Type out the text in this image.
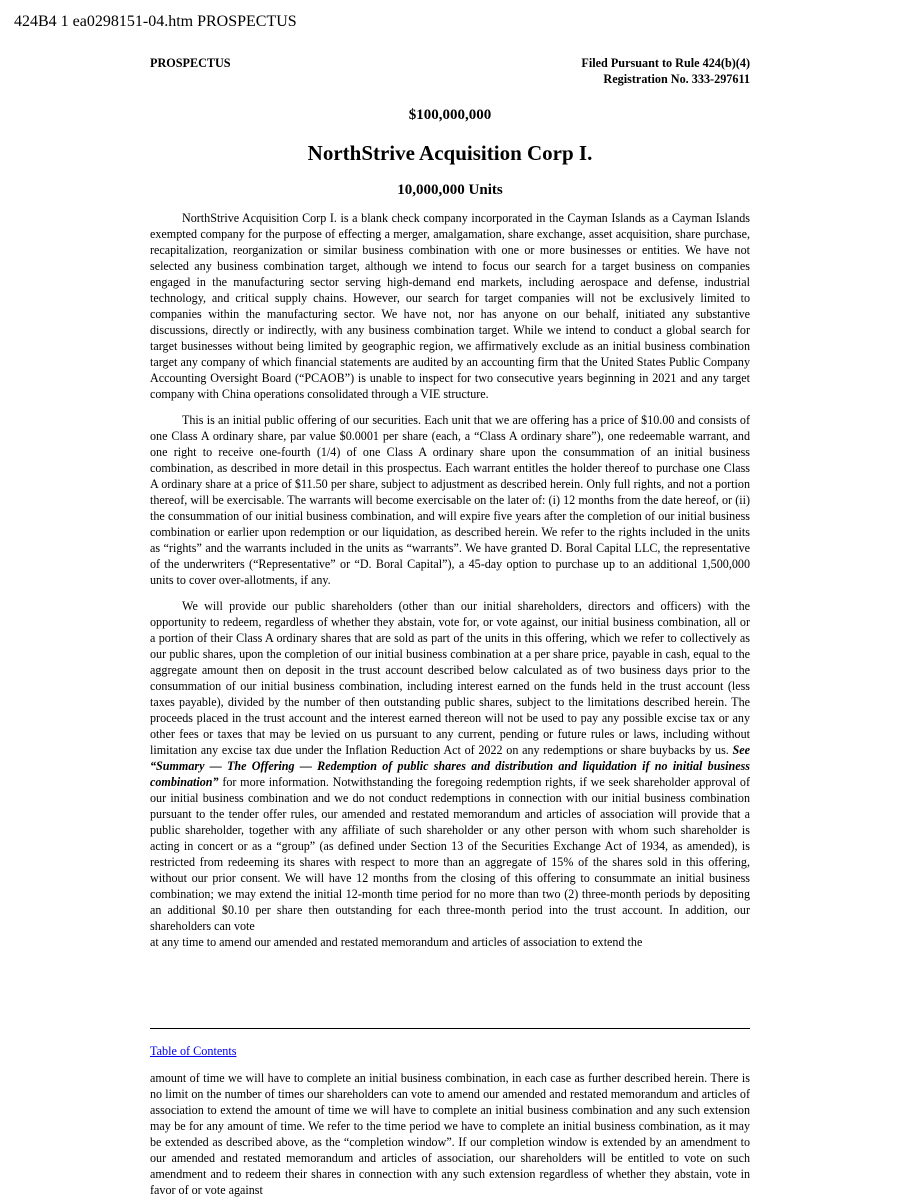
424B4 1 ea0298151-04.htm PROSPECTUS
PROSPECTUS	Filed Pursuant to Rule 424(b)(4)
Registration No. 333-297611
$100,000,000
NorthStrive Acquisition Corp I.
10,000,000 Units

NorthStrive Acquisition Corp I. is a blank check company incorporated in the Cayman Islands as a Cayman Islands exempted company for the purpose of effecting a merger, amalgamation, share exchange, asset acquisition, share purchase, recapitalization, reorganization or similar business combination with one or more businesses or entities. We have not selected any business combination target, although we intend to focus our search for a target business on companies engaged in the manufacturing sector serving high-demand end markets, including aerospace and defense, industrial technology, and critical supply chains. However, our search for target companies will not be exclusively limited to companies within the manufacturing sector. We have not, nor has anyone on our behalf, initiated any substantive discussions, directly or indirectly, with any business combination target. While we intend to conduct a global search for target businesses without being limited by geographic region, we affirmatively exclude as an initial business combination target any company of which financial statements are audited by an accounting firm that the United States Public Company Accounting Oversight Board (“PCAOB”) is unable to inspect for two consecutive years beginning in 2021 and any target company with China operations consolidated through a VIE structure.

This is an initial public offering of our securities. Each unit that we are offering has a price of $10.00 and consists of one Class A ordinary share, par value $0.0001 per share (each, a “Class A ordinary share”), one redeemable warrant, and one right to receive one-fourth (1/4) of one Class A ordinary share upon the consummation of an initial business combination, as described in more detail in this prospectus. Each warrant entitles the holder thereof to purchase one Class A ordinary share at a price of $11.50 per share, subject to adjustment as described herein. Only full rights, and not a portion thereof, will be exercisable. The warrants will become exercisable on the later of: (i) 12 months from the date hereof, or (ii) the consummation of our initial business combination, and will expire five years after the completion of our initial business combination or earlier upon redemption or our liquidation, as described herein. We refer to the rights included in the units as “rights” and the warrants included in the units as “warrants”. We have granted D. Boral Capital LLC, the representative of the underwriters (“Representative” or “D. Boral Capital”), a 45-day option to purchase up to an additional 1,500,000 units to cover over-allotments, if any.

We will provide our public shareholders (other than our initial shareholders, directors and officers) with the opportunity to redeem, regardless of whether they abstain, vote for, or vote against, our initial business combination, all or a portion of their Class A ordinary shares that are sold as part of the units in this offering, which we refer to collectively as our public shares, upon the completion of our initial business combination at a per share price, payable in cash, equal to the aggregate amount then on deposit in the trust account described below calculated as of two business days prior to the consummation of our initial business combination, including interest earned on the funds held in the trust account (less taxes payable), divided by the number of then outstanding public shares, subject to the limitations described herein. The proceeds placed in the trust account and the interest earned thereon will not be used to pay any possible excise tax or any other fees or taxes that may be levied on us pursuant to any current, pending or future rules or laws, including without limitation any excise tax due under the Inflation Reduction Act of 2022 on any redemptions or share buybacks by us. See “Summary — The Offering — Redemption of public shares and distribution and liquidation if no initial business combination” for more information. Notwithstanding the foregoing redemption rights, if we seek shareholder approval of our initial business combination and we do not conduct redemptions in connection with our initial business combination pursuant to the tender offer rules, our amended and restated memorandum and articles of association will provide that a public shareholder, together with any affiliate of such shareholder or any other person with whom such shareholder is acting in concert or as a “group” (as defined under Section 13 of the Securities Exchange Act of 1934, as amended), is restricted from redeeming its shares with respect to more than an aggregate of 15% of the shares sold in this offering, without our prior consent. We will have 12 months from the closing of this offering to consummate an initial business combination; we may extend the initial 12-month time period for no more than two (2) three-month periods by depositing an additional $0.10 per share then outstanding for each three-month period into the trust account. In addition, our shareholders can vote

at any time to amend our amended and restated memorandum and articles of association to extend the

Table of Contents
amount of time we will have to complete an initial business combination, in each case as further described herein. There is no limit on the number of times our shareholders can vote to amend our amended and restated memorandum and articles of association to extend the amount of time we will have to complete an initial business combination and any such extension may be for any amount of time. We refer to the time period we have to complete an initial business combination, as it may be extended as described above, as the “completion window”. If our completion window is extended by an amendment to our amended and restated memorandum and articles of association, our shareholders will be entitled to vote on such amendment and to redeem their shares in connection with any such extension regardless of whether they abstain, vote in favor of or vote against
